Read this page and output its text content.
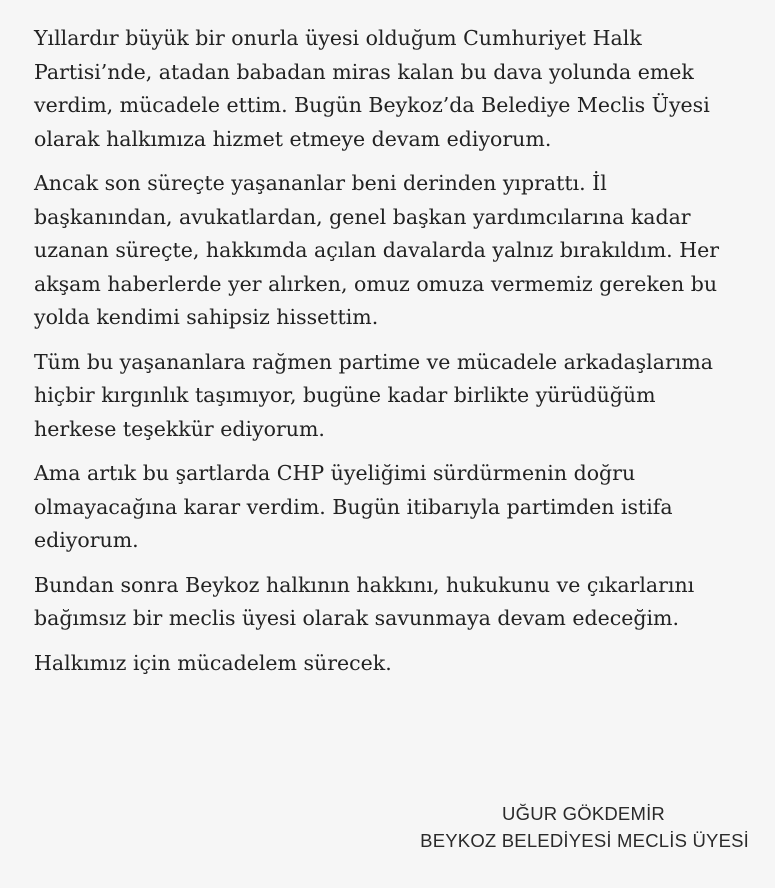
Yıllardır büyük bir onurla üyesi olduğum Cumhuriyet Halk
Partisi’nde, atadan babadan miras kalan bu dava yolunda emek
verdim, mücadele ettim. Bugün Beykoz’da Belediye Meclis Üyesi
olarak halkımıza hizmet etmeye devam ediyorum.

Ancak son süreçte yaşananlar beni derinden yıprattı. İl
başkanından, avukatlardan, genel başkan yardımcılarına kadar
uzanan süreçte, hakkımda açılan davalarda yalnız bırakıldım. Her
akşam haberlerde yer alırken, omuz omuza vermemiz gereken bu
yolda kendimi sahipsiz hissettim.

Tüm bu yaşananlara rağmen partime ve mücadele arkadaşlarıma
hiçbir kırgınlık taşımıyor, bugüne kadar birlikte yürüdüğüm
herkese teşekkür ediyorum.

Ama artık bu şartlarda CHP üyeliğimi sürdürmenin doğru
olmayacağına karar verdim. Bugün itibarıyla partimden istifa
ediyorum.

Bundan sonra Beykoz halkının hakkını, hukukunu ve çıkarlarını
bağımsız bir meclis üyesi olarak savunmaya devam edeceğim.

Halkımız için mücadelem sürecek.

UĞUR GÖKDEMİR
BEYKOZ BELEDİYESİ MECLİS ÜYESİ
